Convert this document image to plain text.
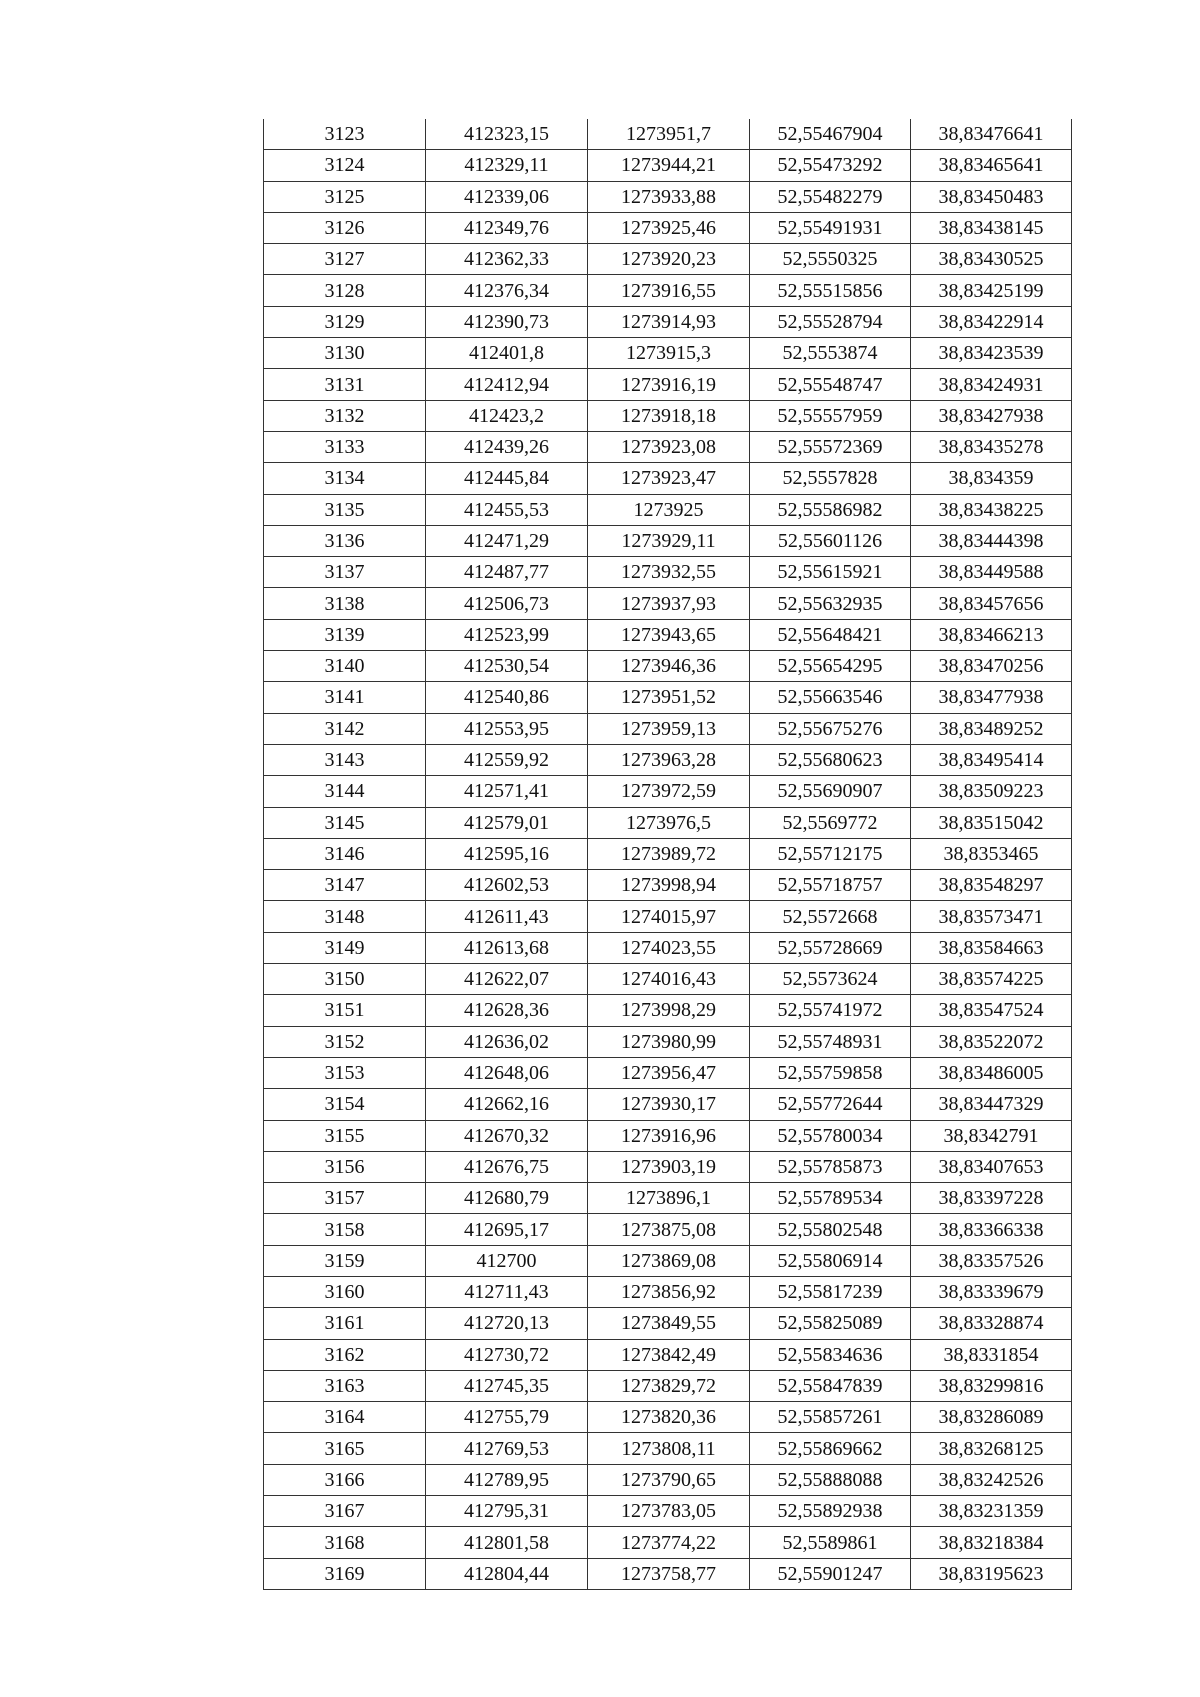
3123	412323,15	1273951,7	52,55467904	38,83476641
3124	412329,11	1273944,21	52,55473292	38,83465641
3125	412339,06	1273933,88	52,55482279	38,83450483
3126	412349,76	1273925,46	52,55491931	38,83438145
3127	412362,33	1273920,23	52,5550325	38,83430525
3128	412376,34	1273916,55	52,55515856	38,83425199
3129	412390,73	1273914,93	52,55528794	38,83422914
3130	412401,8	1273915,3	52,5553874	38,83423539
3131	412412,94	1273916,19	52,55548747	38,83424931
3132	412423,2	1273918,18	52,55557959	38,83427938
3133	412439,26	1273923,08	52,55572369	38,83435278
3134	412445,84	1273923,47	52,5557828	38,834359
3135	412455,53	1273925	52,55586982	38,83438225
3136	412471,29	1273929,11	52,55601126	38,83444398
3137	412487,77	1273932,55	52,55615921	38,83449588
3138	412506,73	1273937,93	52,55632935	38,83457656
3139	412523,99	1273943,65	52,55648421	38,83466213
3140	412530,54	1273946,36	52,55654295	38,83470256
3141	412540,86	1273951,52	52,55663546	38,83477938
3142	412553,95	1273959,13	52,55675276	38,83489252
3143	412559,92	1273963,28	52,55680623	38,83495414
3144	412571,41	1273972,59	52,55690907	38,83509223
3145	412579,01	1273976,5	52,5569772	38,83515042
3146	412595,16	1273989,72	52,55712175	38,8353465
3147	412602,53	1273998,94	52,55718757	38,83548297
3148	412611,43	1274015,97	52,5572668	38,83573471
3149	412613,68	1274023,55	52,55728669	38,83584663
3150	412622,07	1274016,43	52,5573624	38,83574225
3151	412628,36	1273998,29	52,55741972	38,83547524
3152	412636,02	1273980,99	52,55748931	38,83522072
3153	412648,06	1273956,47	52,55759858	38,83486005
3154	412662,16	1273930,17	52,55772644	38,83447329
3155	412670,32	1273916,96	52,55780034	38,8342791
3156	412676,75	1273903,19	52,55785873	38,83407653
3157	412680,79	1273896,1	52,55789534	38,83397228
3158	412695,17	1273875,08	52,55802548	38,83366338
3159	412700	1273869,08	52,55806914	38,83357526
3160	412711,43	1273856,92	52,55817239	38,83339679
3161	412720,13	1273849,55	52,55825089	38,83328874
3162	412730,72	1273842,49	52,55834636	38,8331854
3163	412745,35	1273829,72	52,55847839	38,83299816
3164	412755,79	1273820,36	52,55857261	38,83286089
3165	412769,53	1273808,11	52,55869662	38,83268125
3166	412789,95	1273790,65	52,55888088	38,83242526
3167	412795,31	1273783,05	52,55892938	38,83231359
3168	412801,58	1273774,22	52,5589861	38,83218384
3169	412804,44	1273758,77	52,55901247	38,83195623
